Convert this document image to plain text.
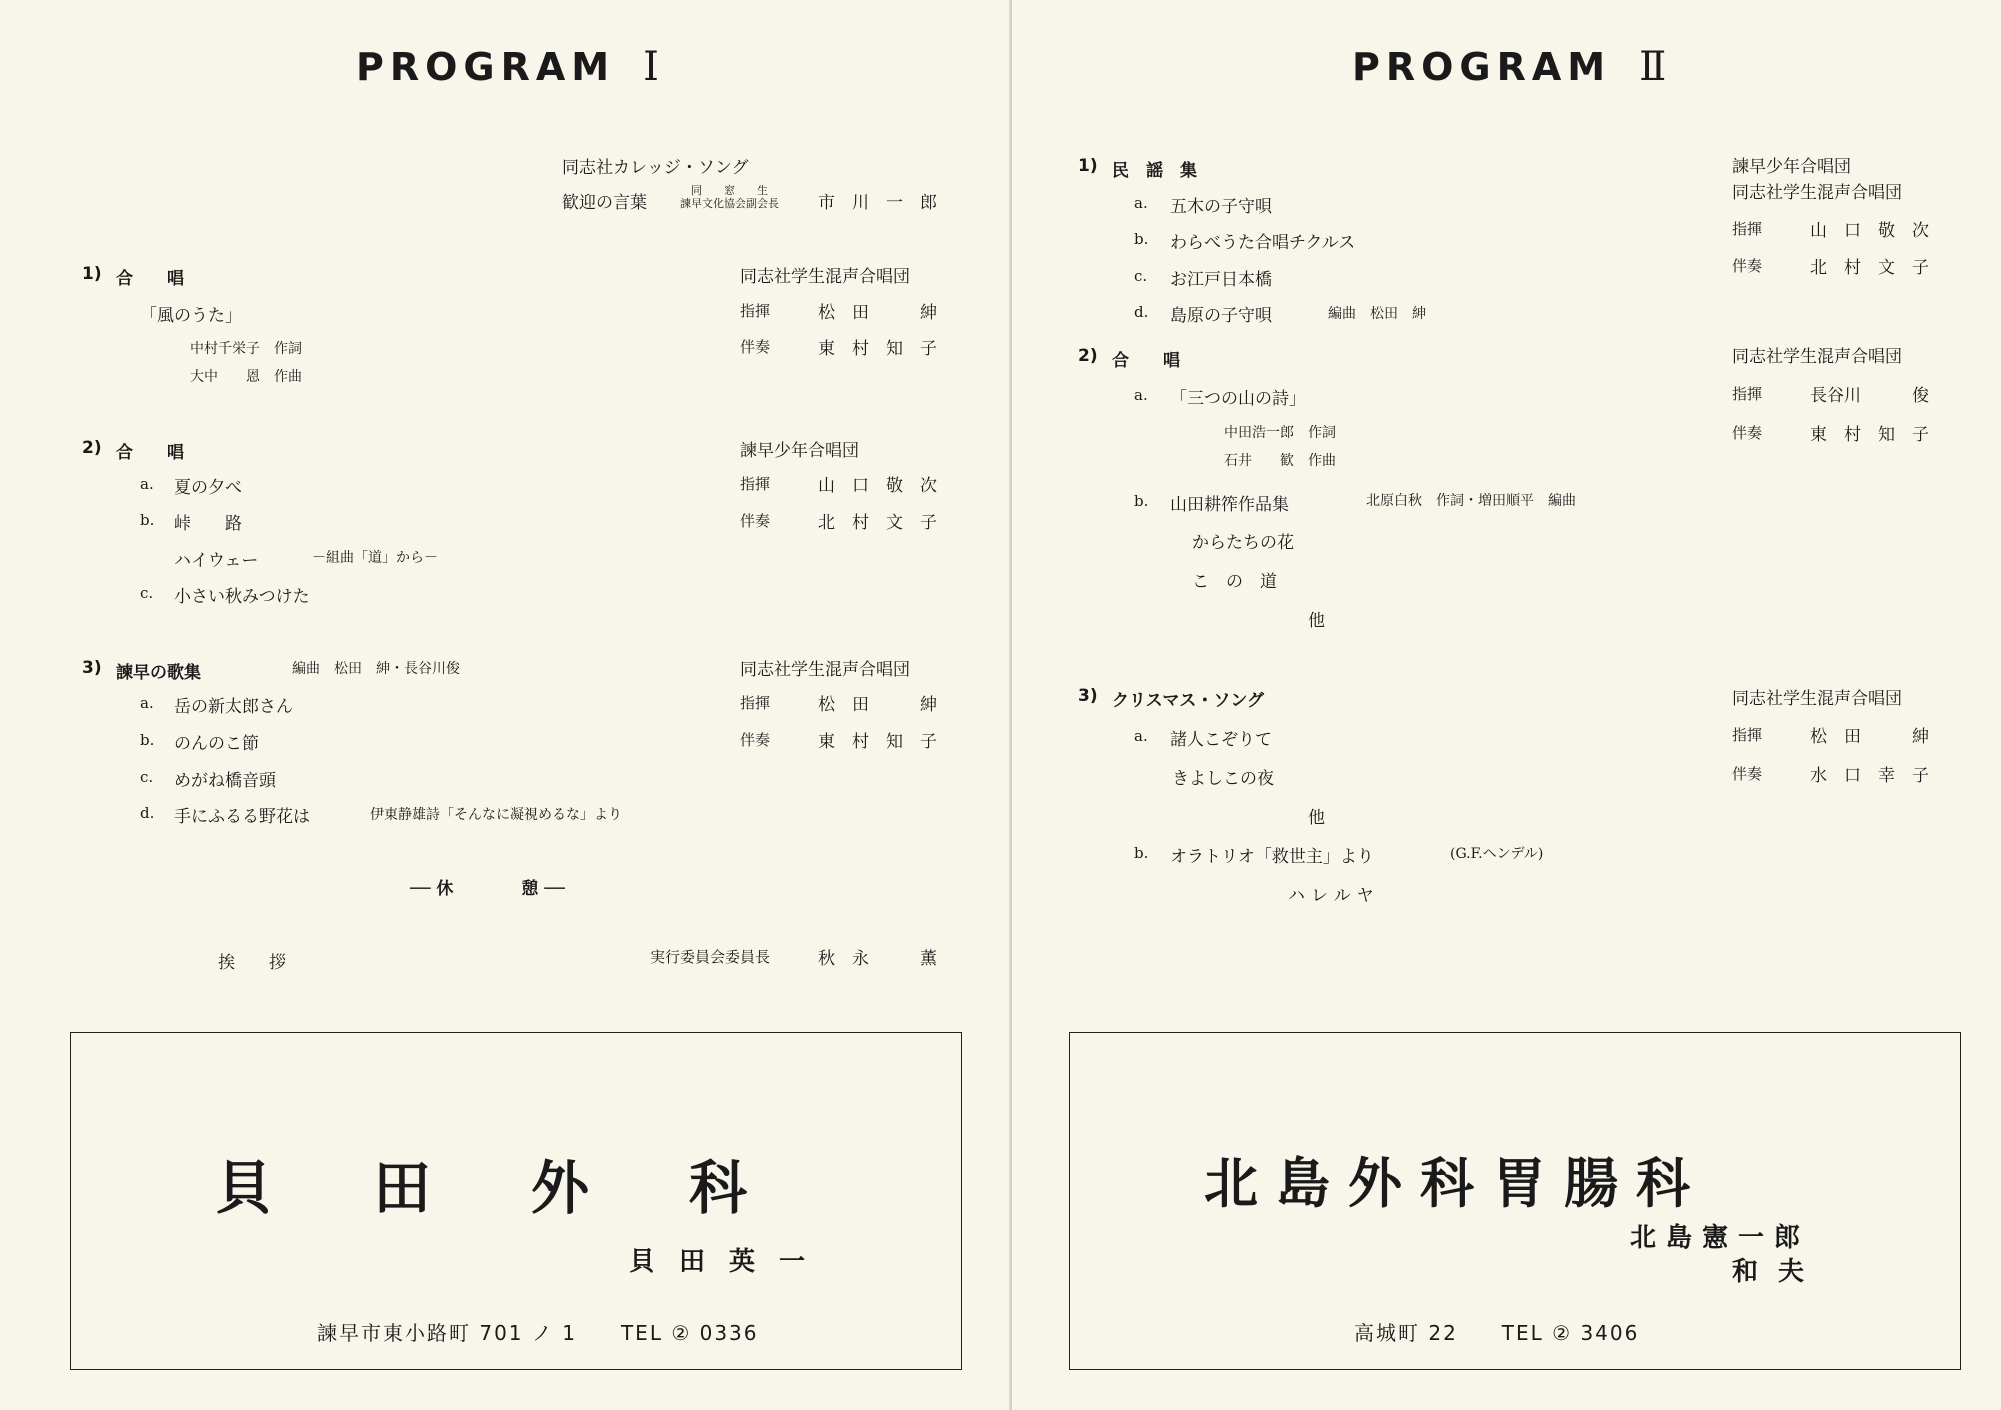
PROGRAM Ⅰ
同志社カレッジ・ソング
歓迎の言葉
同　　窓　　生
諫早文化協会副会長 市　川　一　郎
1) 合　　唱	同志社学生混声合唱団
指揮	松　田　　　紳
伴奏	東　村　知　子
「風のうた」
中村千栄子　作詞
大中　　恩　作曲
2) 合　　唱	諫早少年合唱団
指揮	山　口　敬　次
伴奏	北　村　文　子
a. 夏の夕べ
b. 峠　　路
ハイウェー	－組曲「道」から－
c. 小さい秋みつけた
3) 諫早の歌集	編曲　松田　紳・長谷川俊	同志社学生混声合唱団
指揮	松　田　　　紳
伴奏	東　村　知　子
a. 岳の新太郎さん
b. のんのこ節
c. めがね橋音頭
d. 手にふるる野花は	伊東静雄詩「そんなに凝視めるな」より
── 休　　　　憩 ──
挨　　拶	実行委員会委員長	秋　永　　　薫
貝田外科
貝田英一
諫早市東小路町 701 ノ 1　　TEL ② 0336
PROGRAM Ⅱ
1) 民　謡　集	諫早少年合唱団
同志社学生混声合唱団
指揮	山　口　敬　次
伴奏	北　村　文　子
a. 五木の子守唄
b. わらべうた合唱チクルス
c. お江戸日本橋
d. 島原の子守唄	編曲　松田　紳
2) 合　　唱	同志社学生混声合唱団
指揮	長谷川　　　俊
伴奏	東　村　知　子
a. 「三つの山の詩」
中田浩一郎　作詞
石井　　歓　作曲
b. 山田耕筰作品集	北原白秋　作詞・増田順平　編曲
からたちの花
こ　の　道
他
3) クリスマス・ソング	同志社学生混声合唱団
指揮	松　田　　　紳
伴奏	水　口　幸　子
a. 諸人こぞりて
きよしこの夜
他
b. オラトリオ「救世主」より	(G.F.ヘンデル)
ハレルヤ
北島外科胃腸科
北島憲一郎
和夫
高城町 22　　TEL ② 3406
